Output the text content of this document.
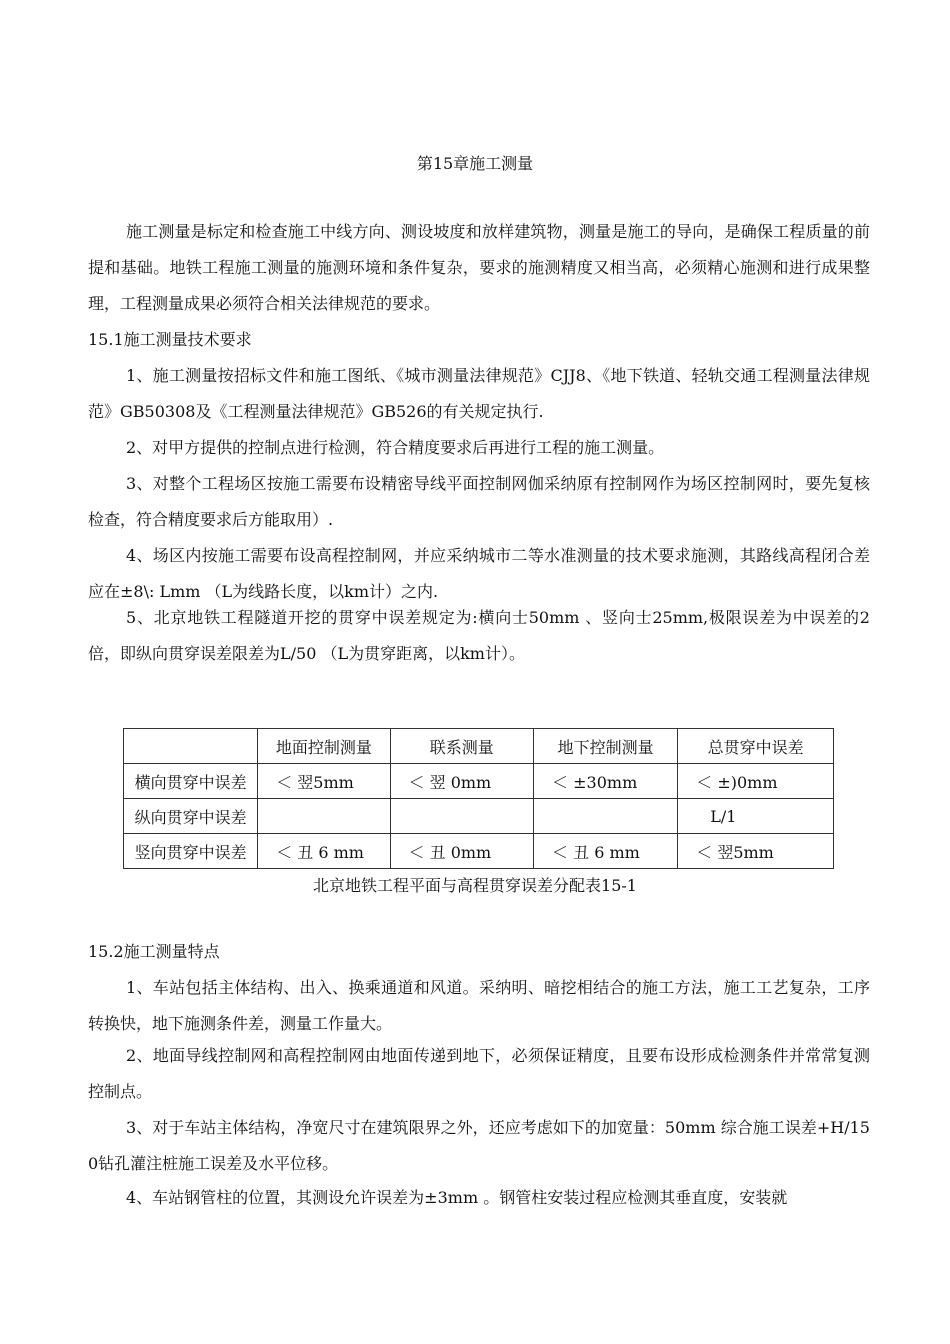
第15章施工测量
施工测量是标定和检查施工中线方向、测设坡度和放样建筑物，测量是施工的导向，是确保工程质量的前提和基础。地铁工程施工测量的施测环境和条件复杂，要求的施测精度又相当高，必须精心施测和进行成果整理，工程测量成果必须符合相关法律规范的要求。
15.1施工测量技术要求
1、施工测量按招标文件和施工图纸、《城市测量法律规范》CJJ8、《地下铁道、轻轨交通工程测量法律规范》GB50308及《工程测量法律规范》GB526的有关规定执行.
2、对甲方提供的控制点进行检测，符合精度要求后再进行工程的施工测量。
3、对整个工程场区按施工需要布设精密导线平面控制网伽采纳原有控制网作为场区控制网时，要先复核检查，符合精度要求后方能取用）.
4、场区内按施工需要布设高程控制网，并应采纳城市二等水准测量的技术要求施测，其路线高程闭合差应在±8\: Lmm （L为线路长度，以km计）之内.
5、北京地铁工程隧道开挖的贯穿中误差规定为:横向士50mm 、竖向士25mm,极限误差为中误差的2倍，即纵向贯穿误差限差为L/50 （L为贯穿距离，以km计）。
	地面控制测量	联系测量	地下控制测量	总贯穿中误差
横向贯穿中误差	＜ 翌5mm	＜ 翌 0mm	＜ ±30mm	＜ ±)0mm
纵向贯穿中误差				L/1
竖向贯穿中误差	＜ 丑 6 mm	＜ 丑 0mm	＜ 丑 6 mm	＜ 翌5mm
北京地铁工程平面与高程贯穿误差分配表15-1
15.2施工测量特点
1、车站包括主体结构、出入、换乘通道和风道。采纳明、暗挖相结合的施工方法，施工工艺复杂，工序转换快，地下施测条件差，测量工作量大。
2、地面导线控制网和高程控制网由地面传递到地下，必须保证精度，且要布设形成检测条件并常常复测控制点。
3、对于车站主体结构，净宽尺寸在建筑限界之外，还应考虑如下的加宽量：50mm 综合施工误差+H/150钻孔灌注桩施工误差及水平位移。
4、车站钢管柱的位置，其测设允许误差为±3mm 。钢管柱安装过程应检测其垂直度，安装就
